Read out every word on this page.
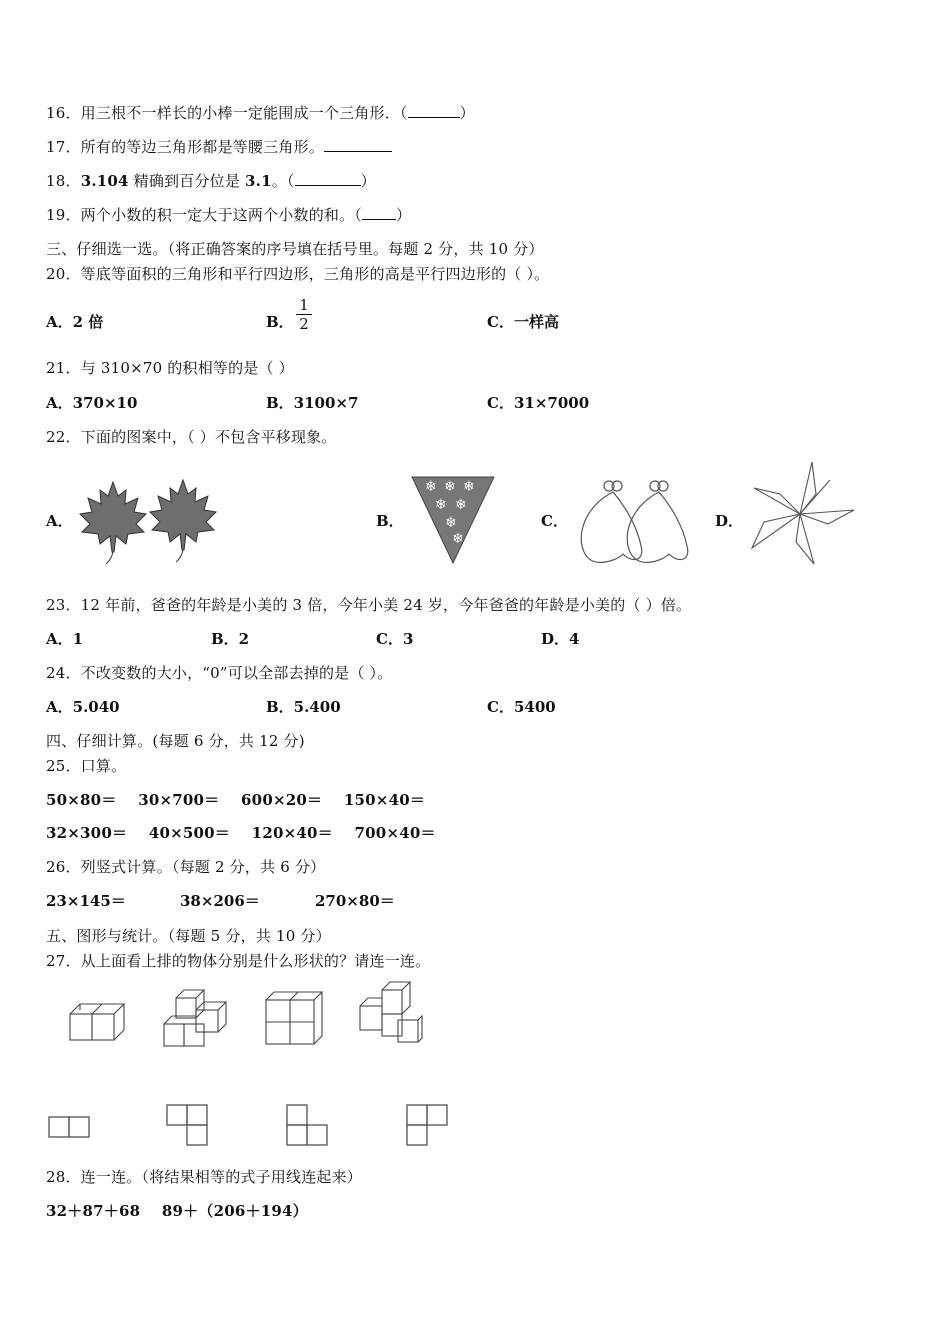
16．用三根不一样长的小棒一定能围成一个三角形．（	）
17．所有的等边三角形都是等腰三角形。
18．3.104 精确到百分位是 3.1。（	）
19．两个小数的积一定大于这两个小数的和。（ ）
三、仔细选一选。（将正确答案的序号填在括号里。每题 2 分，共 10 分）
20．等底等面积的三角形和平行四边形，三角形的高是平行四边形的（ ）。
A．2 倍	B． $\frac{1}{2}$	C．一样高
21．与 310×70 的积相等的是（ ）
A．370×10	B．3100×7	C．31×7000
22．下面的图案中，（ ）不包含平移现象。
A．	B．	C．	D．
❄ ❄ ❄
❄ ❄
❄
❄
23．12 年前，爸爸的年龄是小美的 3 倍，今年小美 24 岁，今年爸爸的年龄是小美的（ ）倍。
A．1	B．2	C．3	D．4
24．不改变数的大小，“0”可以全部去掉的是（ ）。
A．5.040	B．5.400	C．5400
四、仔细计算。(每题 6 分，共 12 分)
25．口算。
50×80＝    30×700＝    600×20＝    150×40＝
32×300＝    40×500＝    120×40＝    700×40＝
26．列竖式计算。（每题 2 分，共 6 分）
23×145＝	38×206＝	270×80＝
五、图形与统计。（每题 5 分，共 10 分）
27．从上面看上排的物体分别是什么形状的？请连一连。
28．连一连。（将结果相等的式子用线连起来）
32＋87＋68    89＋（206＋194）
